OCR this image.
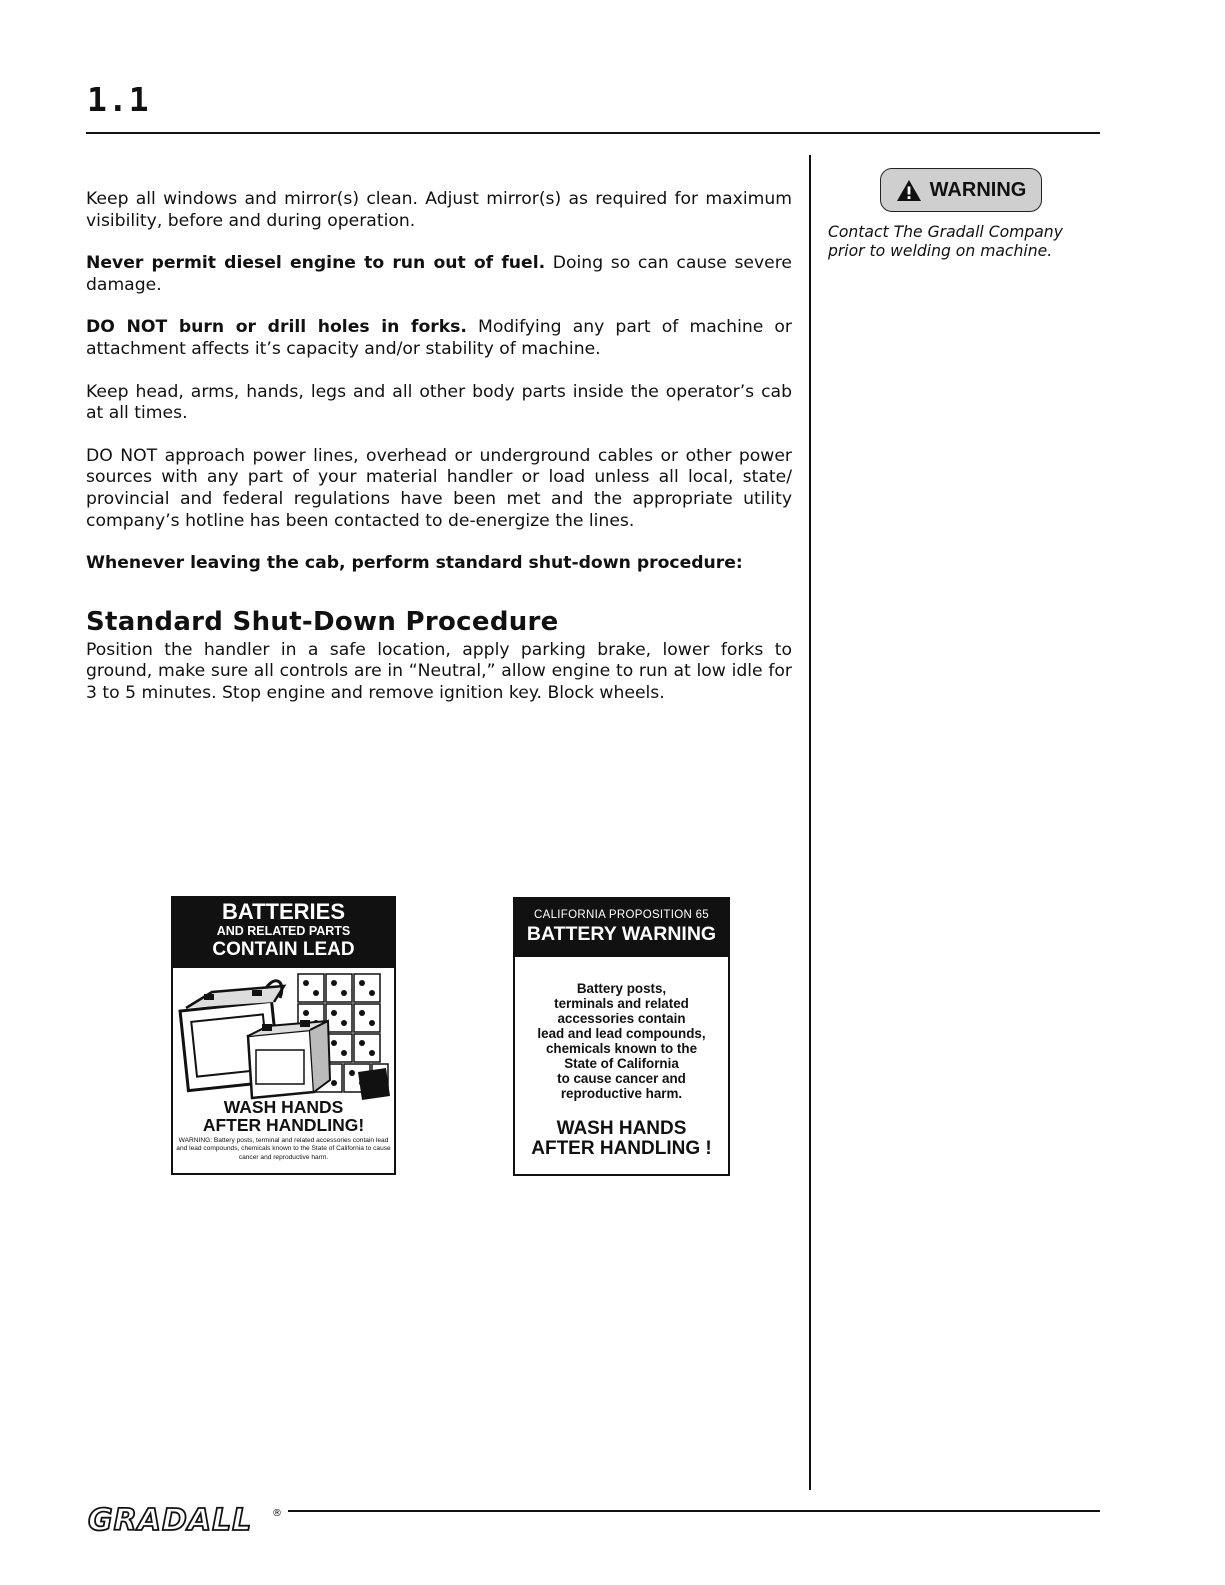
1.1

Keep all windows and mirror(s) clean. Adjust mirror(s) as required for maximum visibility, before and during operation.

Never permit diesel engine to run out of fuel. Doing so can cause severe damage.

DO NOT burn or drill holes in forks. Modifying any part of machine or attachment affects it’s capacity and/or stability of machine.

Keep head, arms, hands, legs and all other body parts inside the operator’s cab at all times.

DO NOT approach power lines, overhead or underground cables or other power sources with any part of your material handler or load unless all local, state/ provincial and federal regulations have been met and the appropriate utility company’s hotline has been contacted to de-energize the lines.

Whenever leaving the cab, perform standard shut-down procedure:

Standard Shut-Down Procedure

Position the handler in a safe location, apply parking brake, lower forks to ground, make sure all controls are in “Neutral,” allow engine to run at low idle for 3 to 5 minutes. Stop engine and remove ignition key. Block wheels.

WARNING
Contact The Gradall Company prior to welding on machine.
BATTERIES
AND RELATED PARTS
CONTAIN LEAD
WASH HANDS
AFTER HANDLING!
WARNING: Battery posts, terminal and related accessories contain lead and lead compounds, chemicals known to the State of California to cause cancer and reproductive harm.
CALIFORNIA PROPOSITION 65
BATTERY WARNING
Battery posts,
terminals and related
accessories contain
lead and lead compounds,
chemicals known to the
State of California
to cause cancer and
reproductive harm.
WASH HANDS
AFTER HANDLING !
GRADALL ®
